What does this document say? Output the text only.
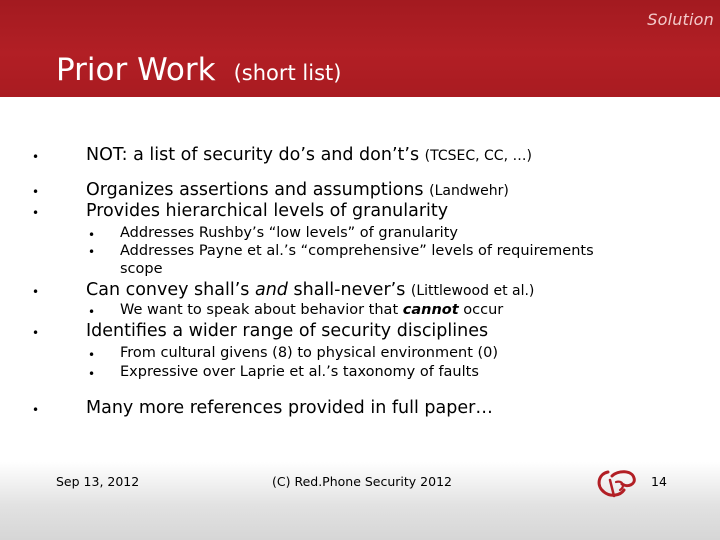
Solution
Prior Work (short list)
•	NOT: a list of security do’s and don’t’s (TCSEC, CC, …)
•	Organizes assertions and assumptions (Landwehr)
•	Provides hierarchical levels of granularity
• Addresses Rushby’s “low levels” of granularity
• Addresses Payne et al.’s “comprehensive” levels of requirements
scope
•	Can convey shall’s and shall-never’s (Littlewood et al.)
• We want to speak about behavior that cannot occur
•	Identifies a wider range of security disciplines
• From cultural givens (8) to physical environment (0)
• Expressive over Laprie et al.’s taxonomy of faults
•	Many more references provided in full paper…
Sep 13, 2012	(C) Red.Phone Security 2012	14
